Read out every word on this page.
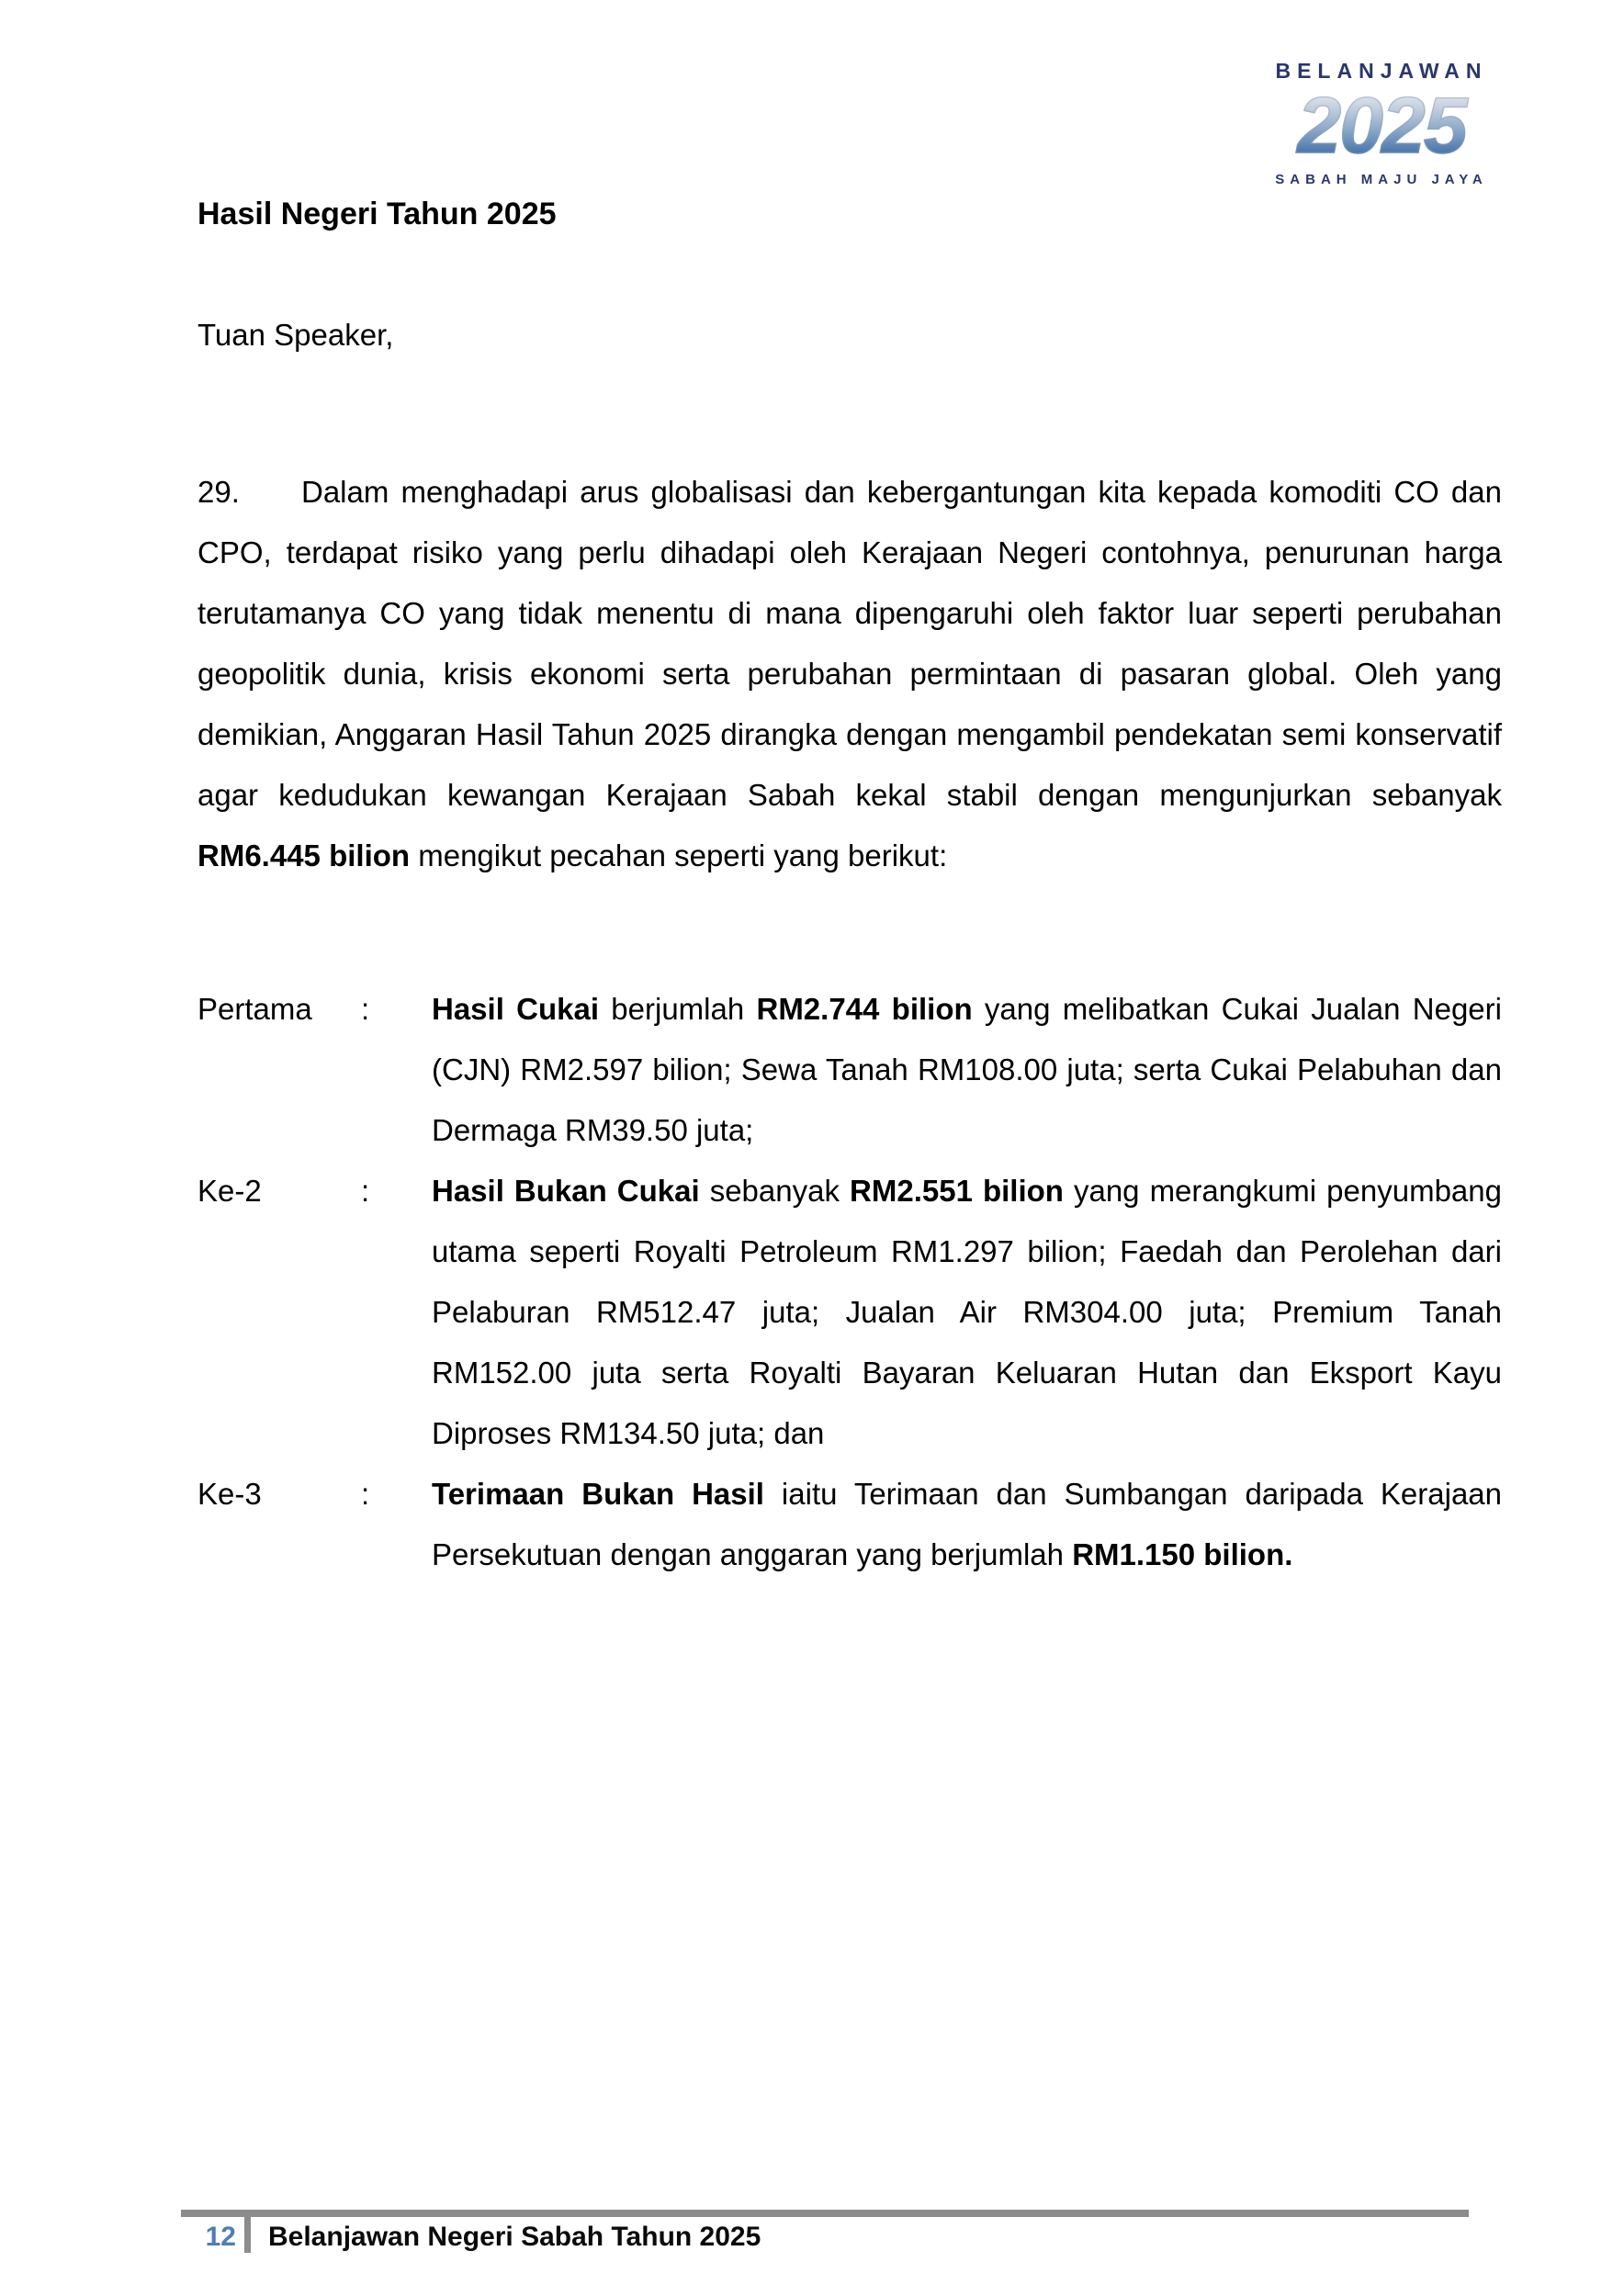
BELANJAWAN
2025
SABAH MAJU JAYA
Hasil Negeri Tahun 2025
Tuan Speaker,

29. Dalam menghadapi arus globalisasi dan kebergantungan kita kepada komoditi CO dan CPO, terdapat risiko yang perlu dihadapi oleh Kerajaan Negeri contohnya, penurunan harga terutamanya CO yang tidak menentu di mana dipengaruhi oleh faktor luar seperti perubahan geopolitik dunia, krisis ekonomi serta perubahan permintaan di pasaran global. Oleh yang demikian, Anggaran Hasil Tahun 2025 dirangka dengan mengambil pendekatan semi konservatif agar kedudukan kewangan Kerajaan Sabah kekal stabil dengan mengunjurkan sebanyak RM6.445 bilion mengikut pecahan seperti yang berikut:

Pertama	:	Hasil Cukai berjumlah RM2.744 bilion yang melibatkan Cukai Jualan Negeri (CJN) RM2.597 bilion; Sewa Tanah RM108.00 juta; serta Cukai Pelabuhan dan Dermaga RM39.50 juta;
Ke-2	:	Hasil Bukan Cukai sebanyak RM2.551 bilion yang merangkumi penyumbang utama seperti Royalti Petroleum RM1.297 bilion; Faedah dan Perolehan dari Pelaburan RM512.47 juta; Jualan Air RM304.00 juta; Premium Tanah RM152.00 juta serta Royalti Bayaran Keluaran Hutan dan Eksport Kayu Diproses RM134.50 juta; dan
Ke-3	:	Terimaan Bukan Hasil iaitu Terimaan dan Sumbangan daripada Kerajaan Persekutuan dengan anggaran yang berjumlah RM1.150 bilion.
12 Belanjawan Negeri Sabah Tahun 2025
